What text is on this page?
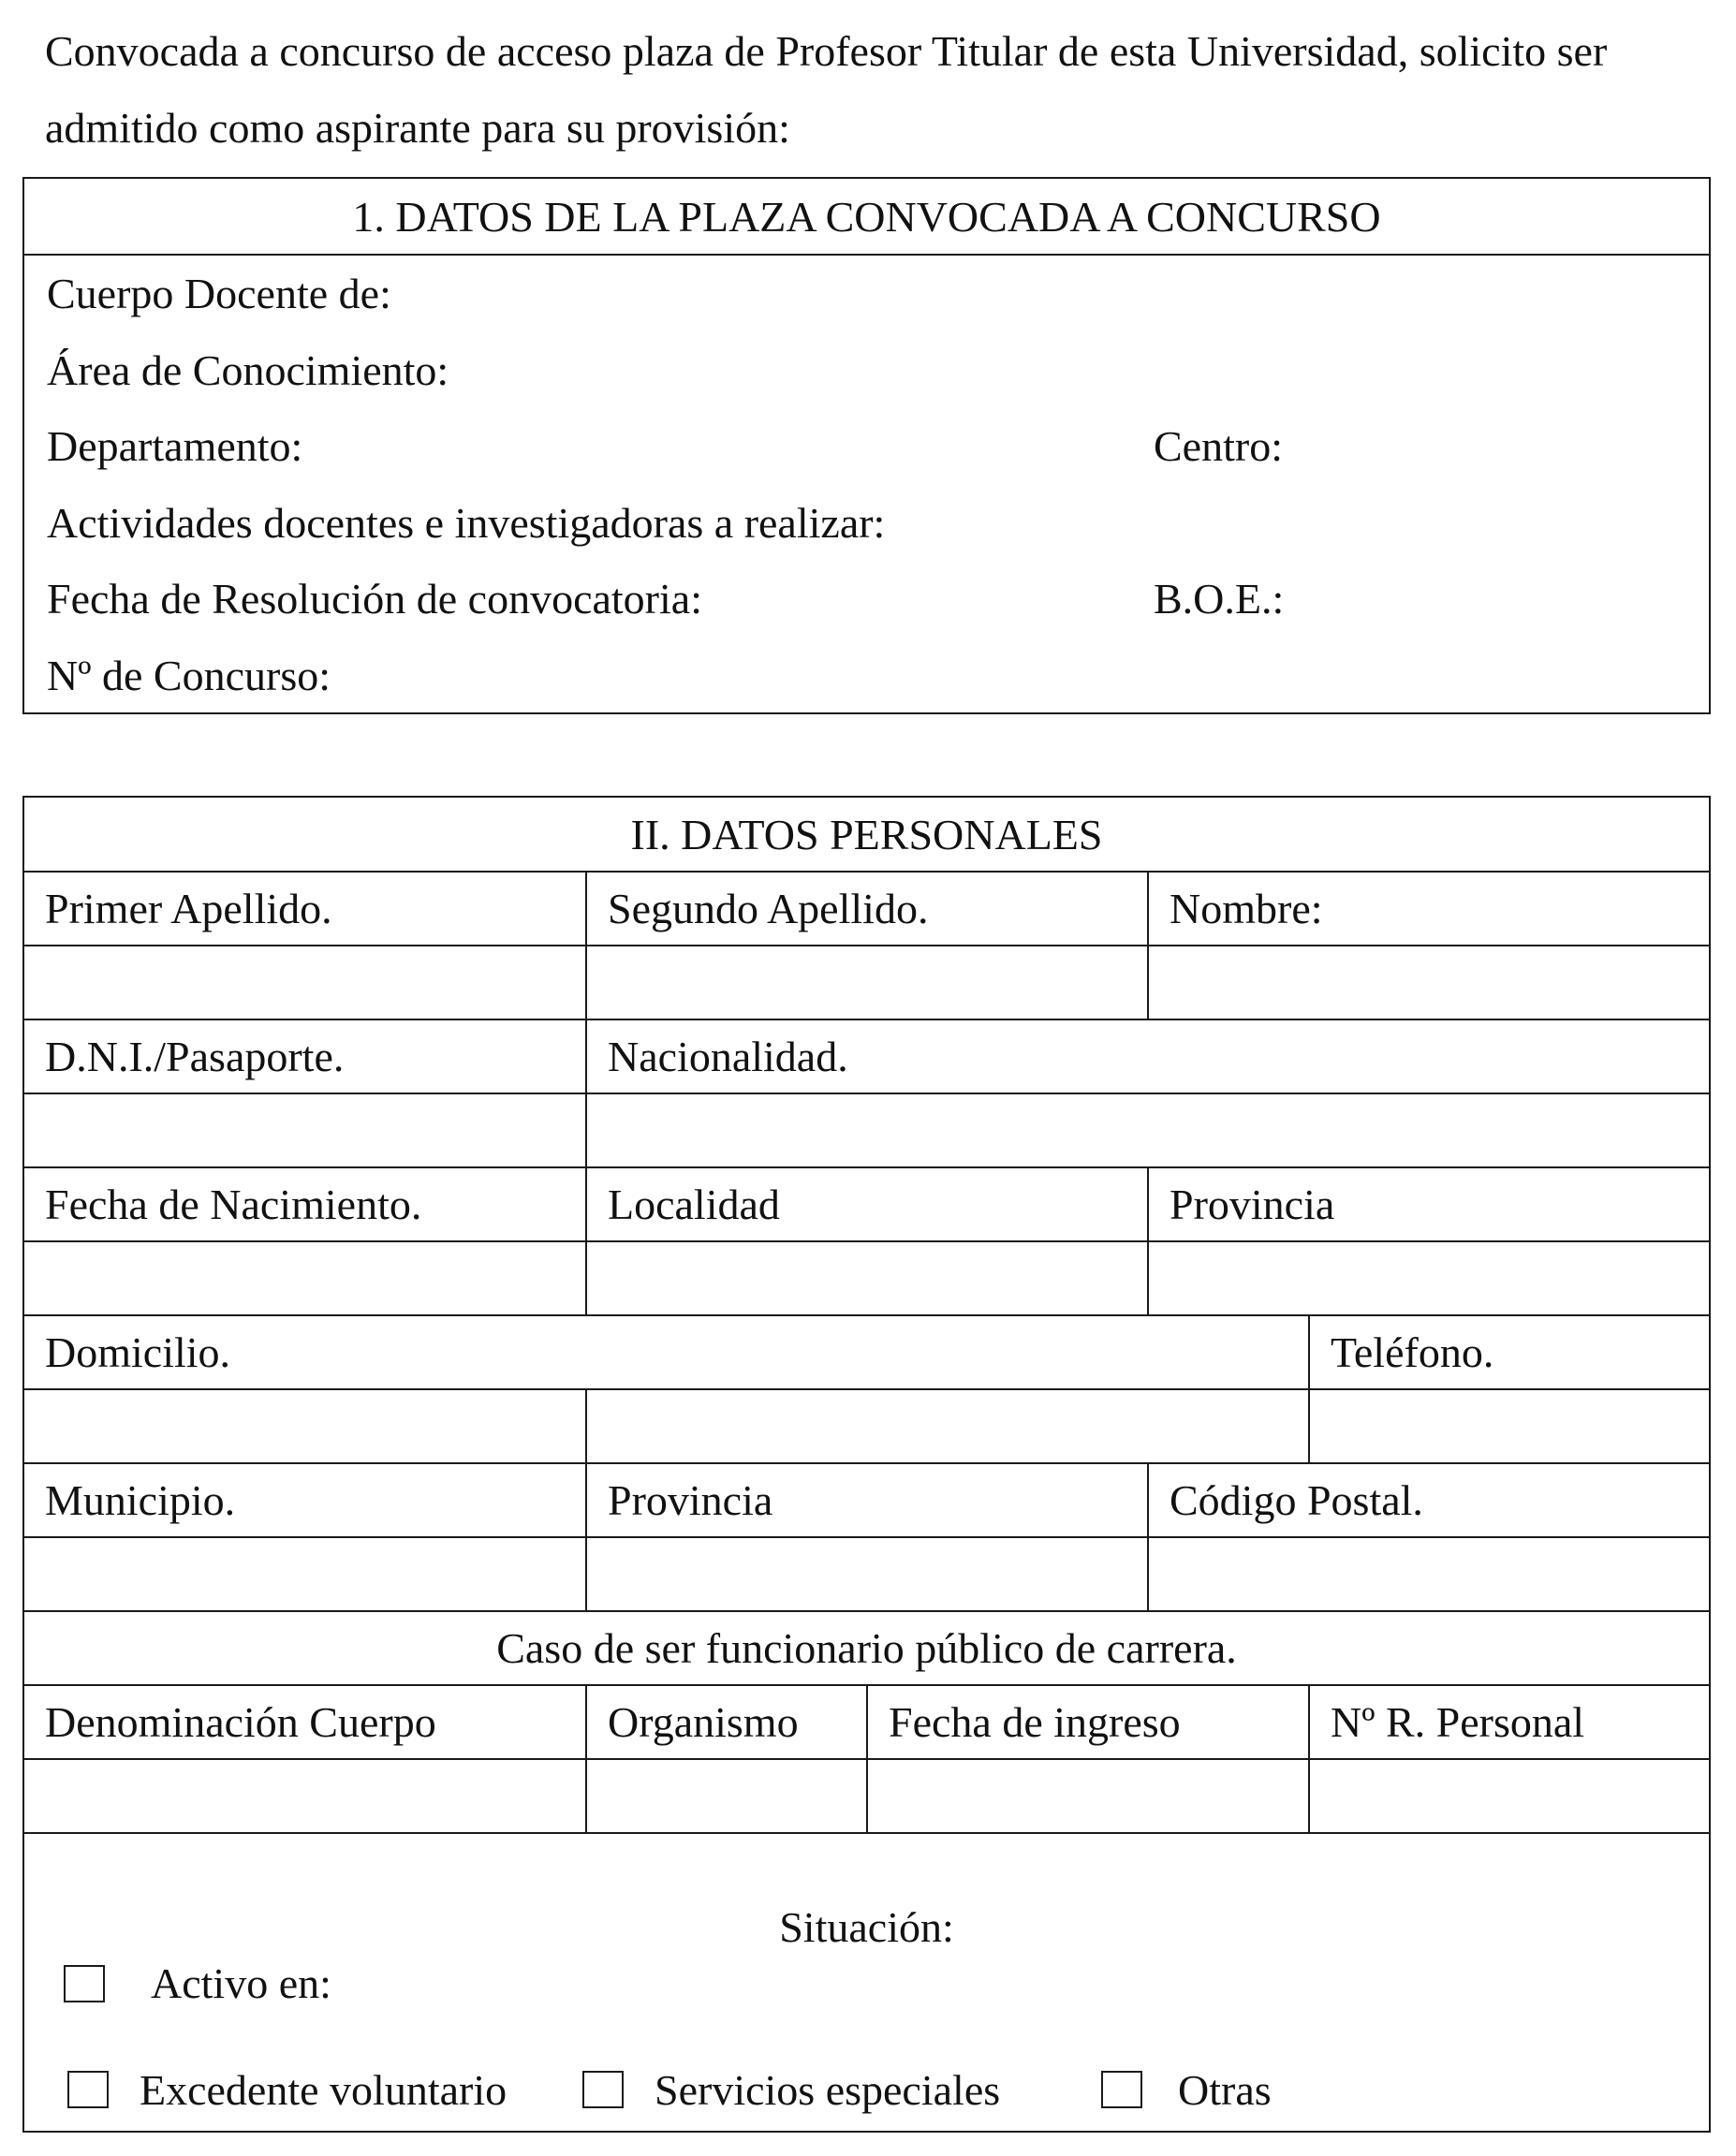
Convocada a concurso de acceso plaza de Profesor Titular de esta Universidad, solicito ser admitido como aspirante para su provisión:

1. DATOS DE LA PLAZA CONVOCADA A CONCURSO
Cuerpo Docente de:
Área de Conocimiento:
Departamento:	Centro:
Actividades docentes e investigadoras a realizar:
Fecha de Resolución de convocatoria:	B.O.E.:
Nº de Concurso:
II. DATOS PERSONALES				
Primer Apellido.	Segundo Apellido.		Nombre:	

D.N.I./Pasaporte.	Nacionalidad.			

Fecha de Nacimiento.	Localidad		Provincia	

Domicilio.				Teléfono.

Municipio.	Provincia		Código Postal.	

Caso de ser funcionario público de carrera.				
Denominación Cuerpo	Organismo	Fecha de ingreso		Nº R. Personal

Situación:
Activo en:
Excedente voluntario	Servicios especiales	Otras
